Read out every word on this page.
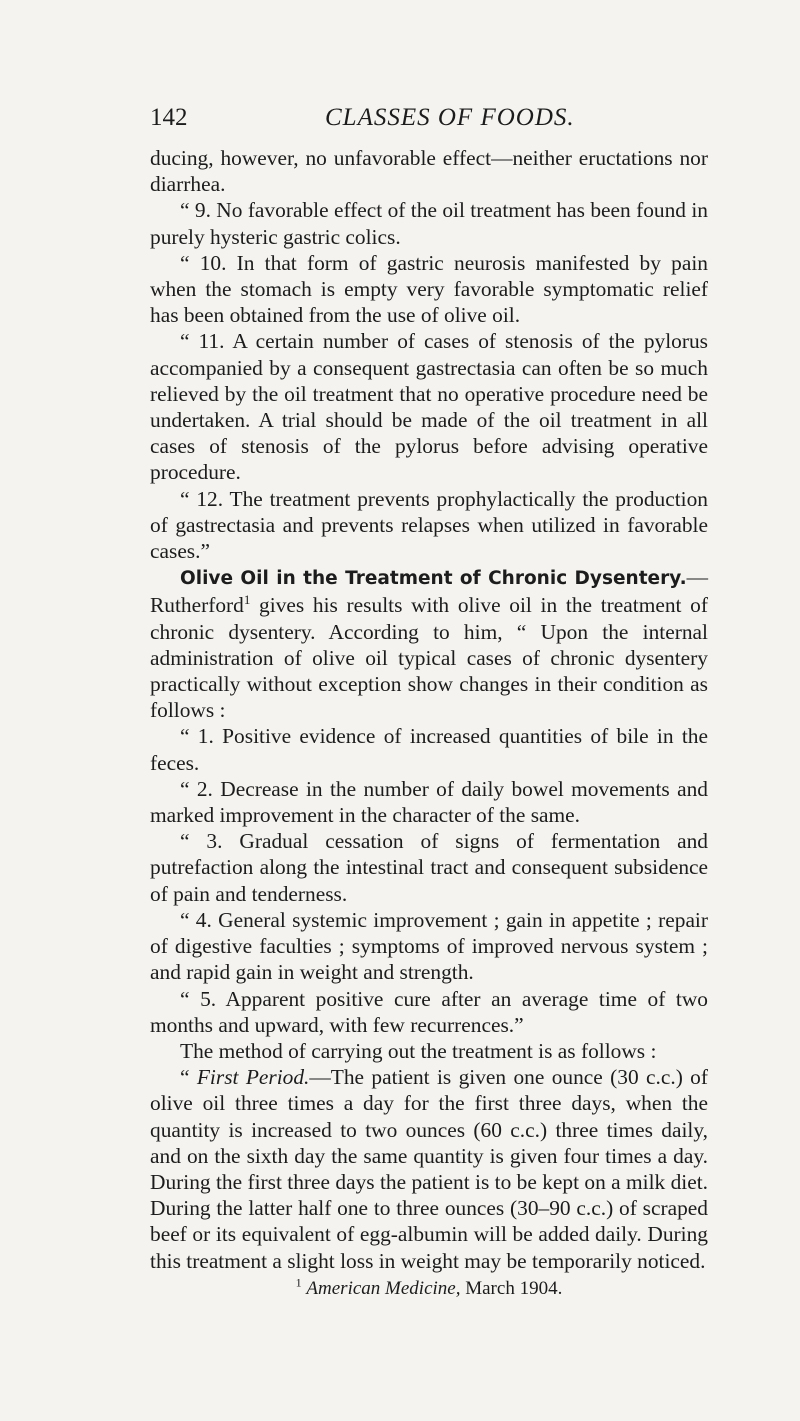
142	CLASSES OF FOODS.

ducing, however, no unfavorable effect—neither eructations nor diarrhea.

“ 9. No favorable effect of the oil treatment has been found in purely hysteric gastric colics.

“ 10. In that form of gastric neurosis manifested by pain when the stomach is empty very favorable symptomatic relief has been obtained from the use of olive oil.

“ 11. A certain number of cases of stenosis of the pylorus accompanied by a consequent gastrectasia can often be so much relieved by the oil treatment that no operative procedure need be undertaken. A trial should be made of the oil treatment in all cases of stenosis of the pylorus before advising operative procedure.

“ 12. The treatment prevents prophylactically the production of gastrectasia and prevents relapses when utilized in favorable cases.”

Olive Oil in the Treatment of Chronic Dysentery.—Rutherford$^1$ gives his results with olive oil in the treatment of chronic dysentery. According to him, “ Upon the internal administration of olive oil typical cases of chronic dysentery practically without exception show changes in their condition as follows :

“ 1. Positive evidence of increased quantities of bile in the feces.

“ 2. Decrease in the number of daily bowel movements and marked improvement in the character of the same.

“ 3. Gradual cessation of signs of fermentation and putrefaction along the intestinal tract and consequent subsidence of pain and tenderness.

“ 4. General systemic improvement ; gain in appetite ; repair of digestive faculties ; symptoms of improved nervous system ; and rapid gain in weight and strength.

“ 5. Apparent positive cure after an average time of two months and upward, with few recurrences.”

The method of carrying out the treatment is as follows :

“ First Period.—The patient is given one ounce (30 c.c.) of olive oil three times a day for the first three days, when the quantity is increased to two ounces (60 c.c.) three times daily, and on the sixth day the same quantity is given four times a day. During the first three days the patient is to be kept on a milk diet. During the latter half one to three ounces (30–90 c.c.) of scraped beef or its equivalent of egg-albumin will be added daily. During this treatment a slight loss in weight may be temporarily noticed.

$^1$ American Medicine, March 1904.
